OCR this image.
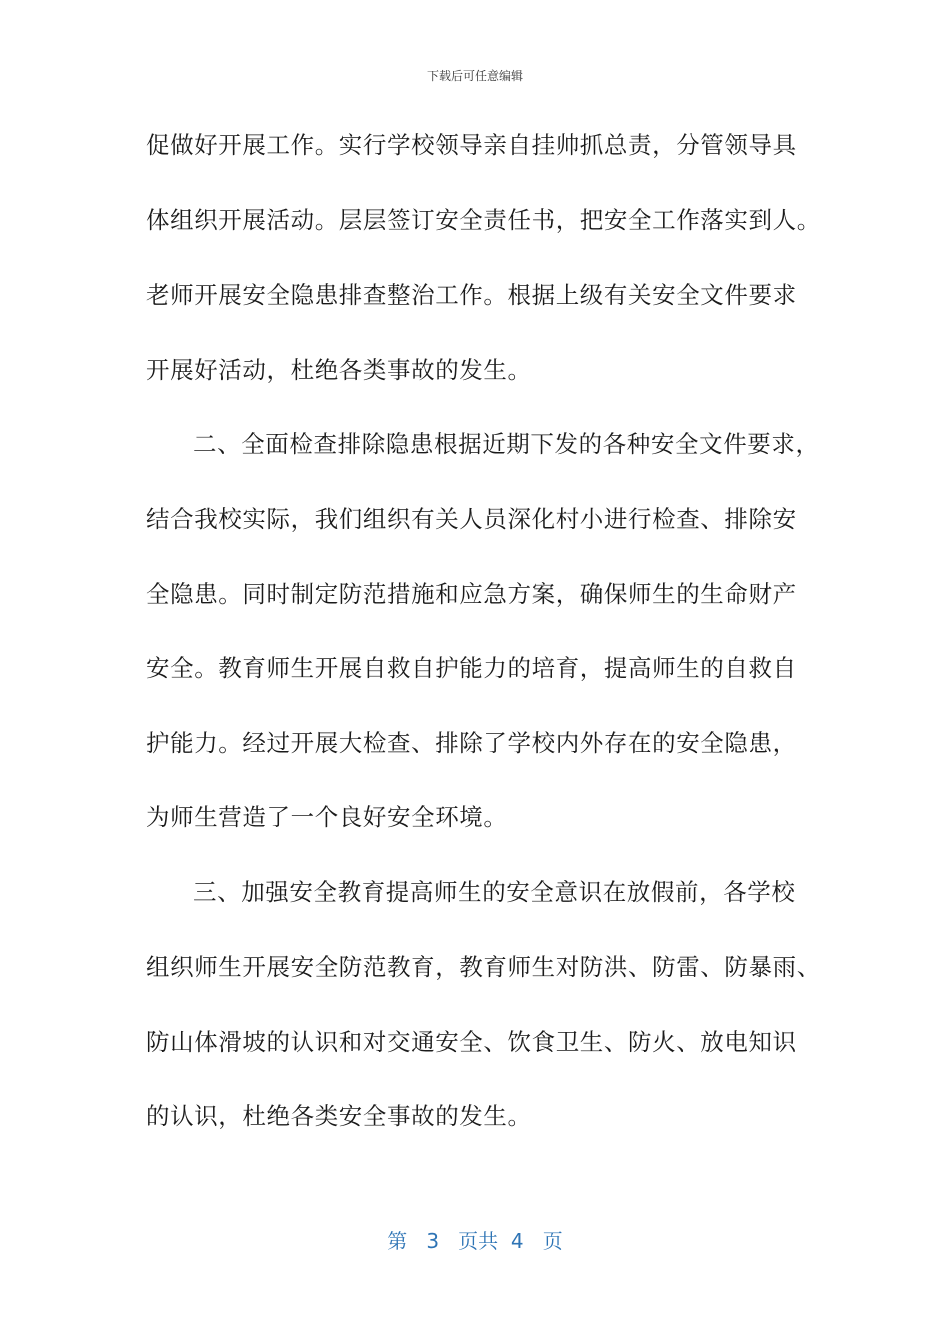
下载后可任意编辑
促做好开展工作。实行学校领导亲自挂帅抓总责，分管领导具
体组织开展活动。层层签订安全责任书，把安全工作落实到人。
老师开展安全隐患排查整治工作。根据上级有关安全文件要求
开展好活动，杜绝各类事故的发生。
二、全面检查排除隐患根据近期下发的各种安全文件要求，
结合我校实际，我们组织有关人员深化村小进行检查、排除安
全隐患。同时制定防范措施和应急方案，确保师生的生命财产
安全。教育师生开展自救自护能力的培育，提高师生的自救自
护能力。经过开展大检查、排除了学校内外存在的安全隐患，
为师生营造了一个良好安全环境。
三、加强安全教育提高师生的安全意识在放假前，各学校
组织师生开展安全防范教育，教育师生对防洪、防雷、防暴雨、
防山体滑坡的认识和对交通安全、饮食卫生、防火、放电知识
的认识，杜绝各类安全事故的发生。
第 3 页共 4 页
